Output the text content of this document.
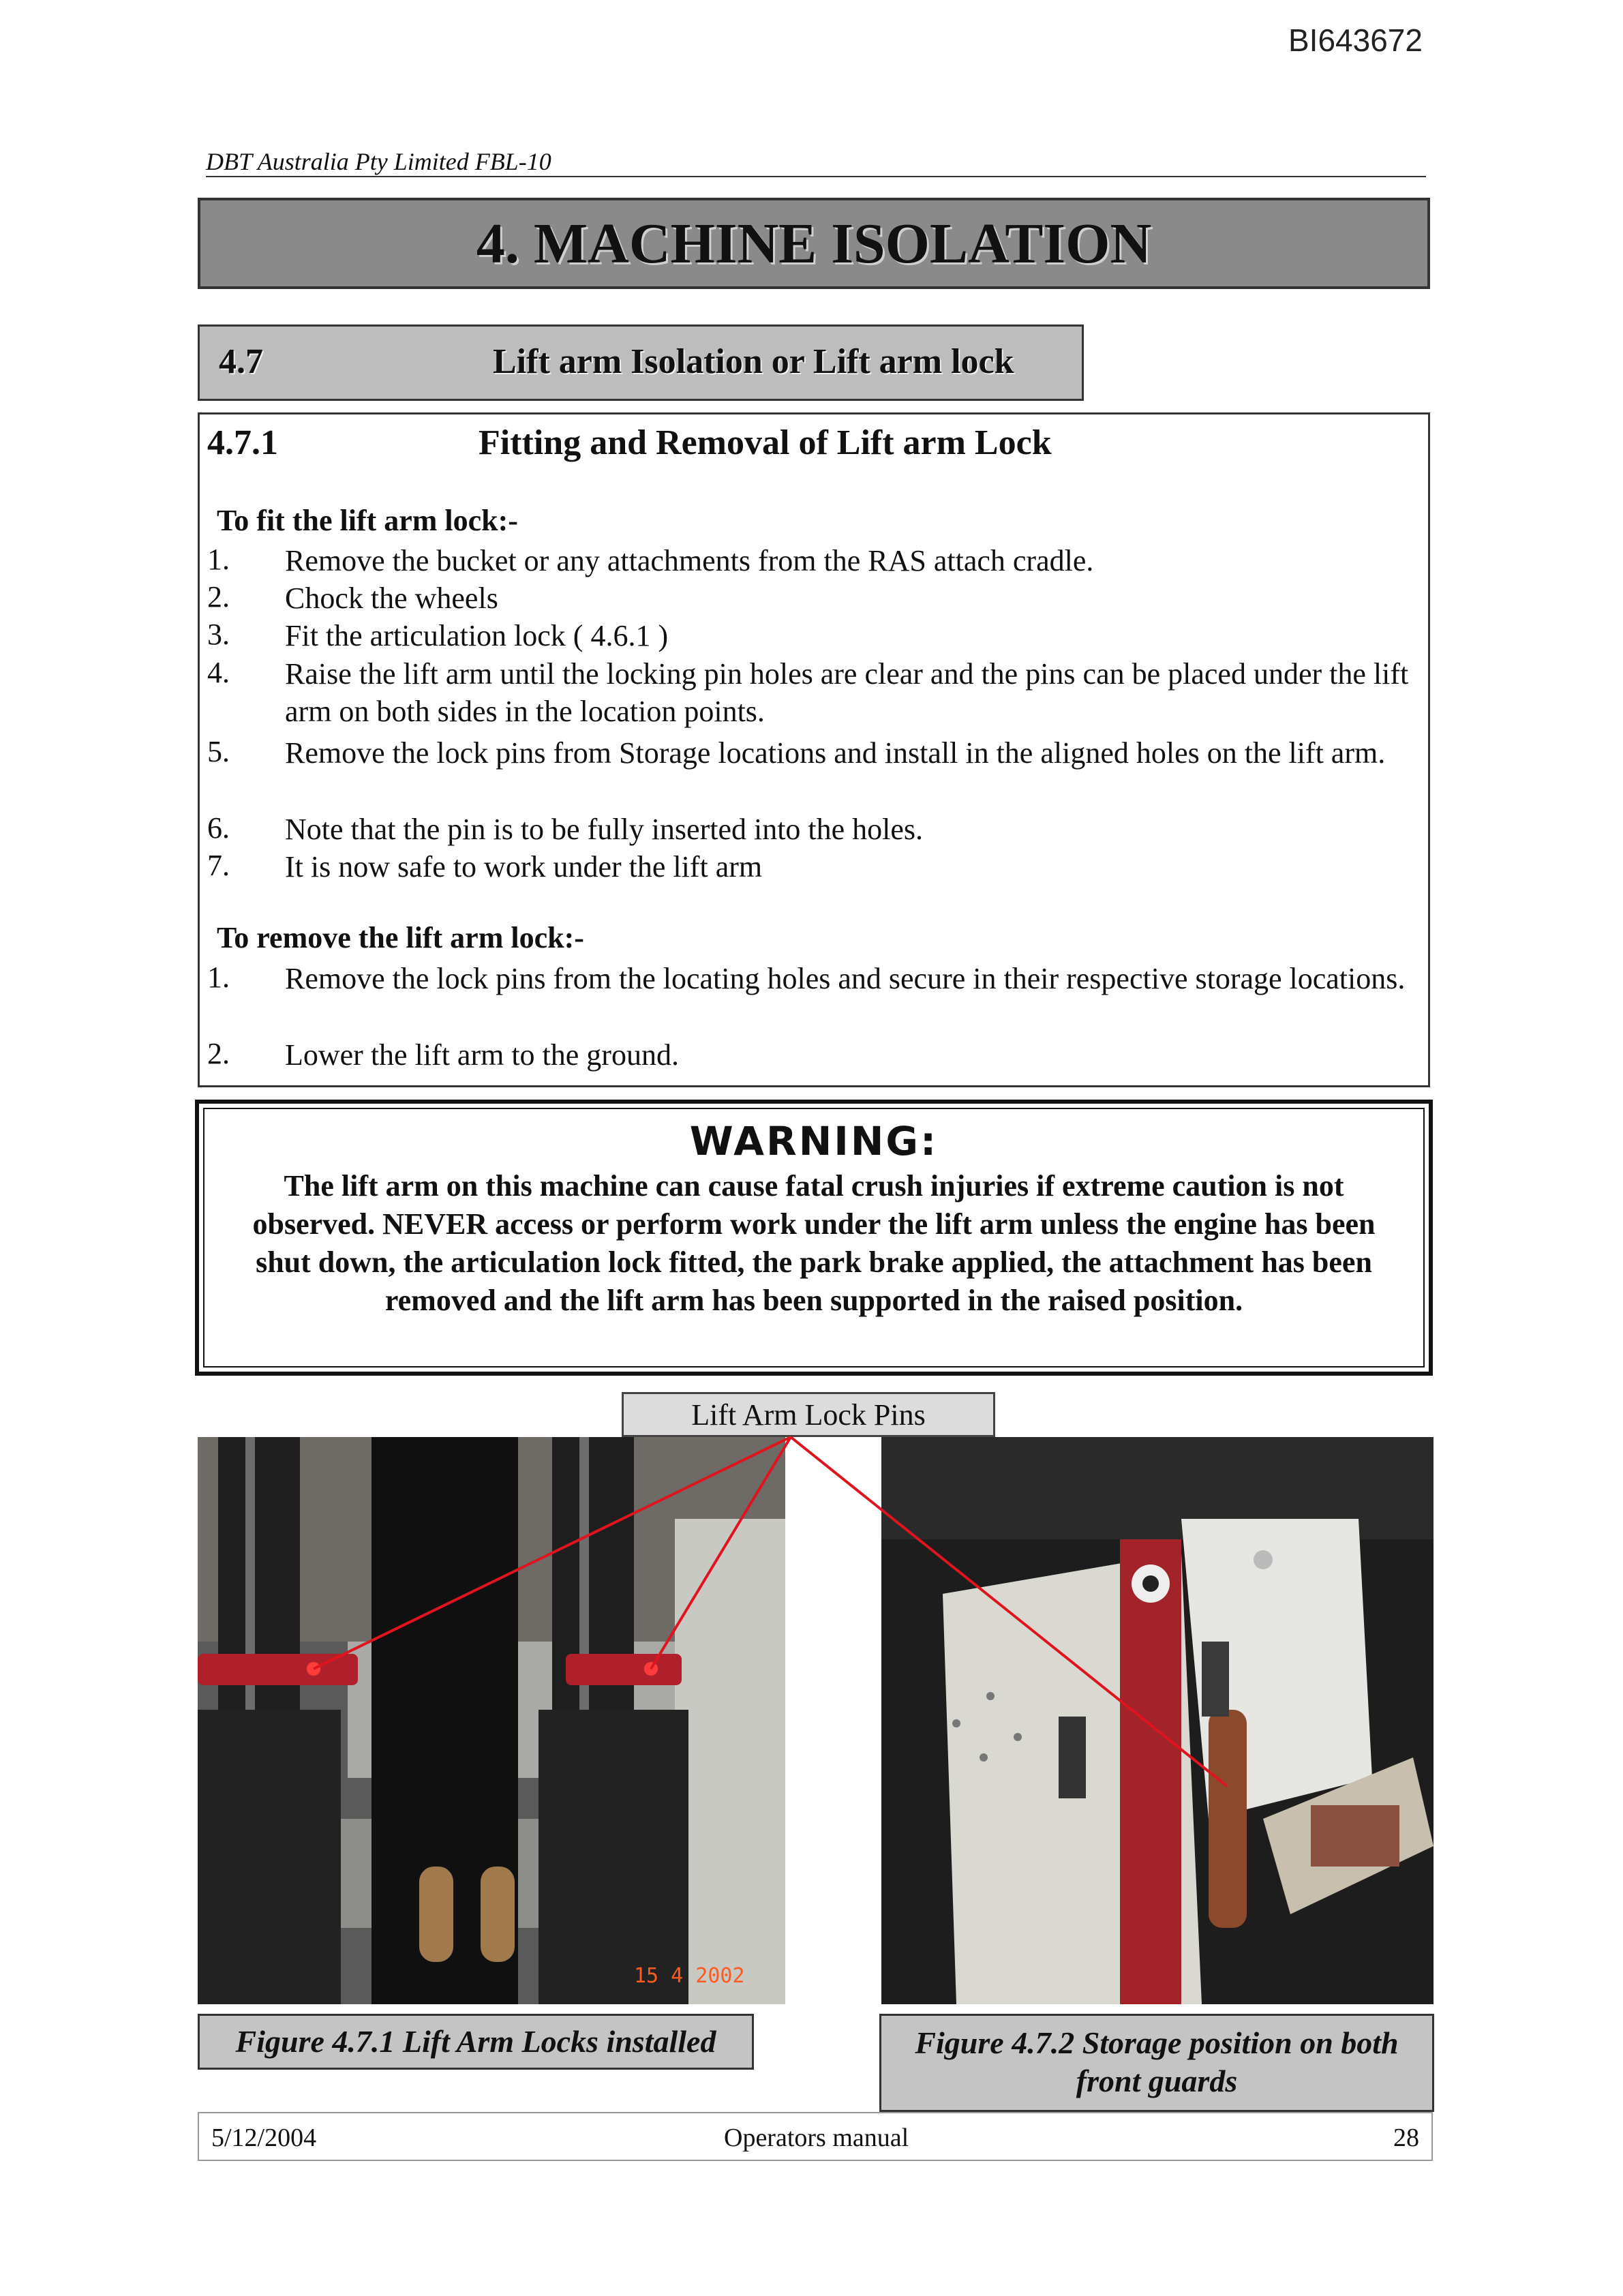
BI643672
DBT Australia Pty Limited FBL-10
4. MACHINE ISOLATION
4.7	Lift arm Isolation or Lift arm lock
4.7.1	Fitting and Removal of Lift arm Lock
To fit the lift arm lock:-
1. Remove the bucket or any attachments from the RAS attach cradle.
2. Chock the wheels
3. Fit the articulation lock ( 4.6.1 )
4. Raise the lift arm until the locking pin holes are clear and the pins can be placed under the lift arm on both sides in the location points.
5. Remove the lock pins from Storage locations and install in the aligned holes on the lift arm.
6. Note that the pin is to be fully inserted into the holes.
7. It is now safe to work under the lift arm
To remove the lift arm lock:-
1. Remove the lock pins from the locating holes and secure in their respective storage locations.
2. Lower the lift arm to the ground.
WARNING:
The lift arm on this machine can cause fatal crush injuries if extreme caution is not observed. NEVER access or perform work under the lift arm unless the engine has been shut down, the articulation lock fitted, the park brake applied, the attachment has been removed and the lift arm has been supported in the raised position.
15 4 2002
Lift Arm Lock Pins
Figure 4.7.1 Lift Arm Locks installed	Figure 4.7.2 Storage position on both front guards
5/12/2004	Operators manual	28
